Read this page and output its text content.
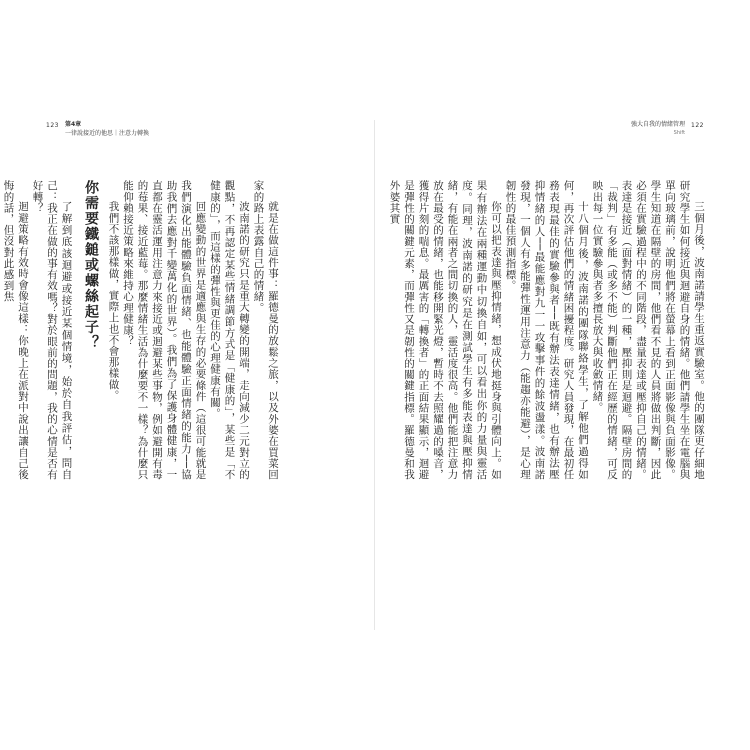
123 第4章
一律說接近的他思｜注意力轉換

就是在做這件事：羅德曼的放鬆之旅，以及外婆在買菜回家的路上表露自己的情緒。

波南諾的研究只是重大轉變的開端，走向減少二元對立的觀點，不再認定某些情緒調節方式是「健康的」，某些是「不健康的」，而這樣的彈性與更佳的心理健康有關。

回應變動的世界是適應與生存的必要條件（這很可能就是我們演化出能體驗負面情緒、也能體驗正面情緒的能力──協助我們去應對千變萬化的世界）。我們為了保護身體健康，一直都在靈活運用注意力來接近或迴避某些事物，例如避開有毒的莓果、接近藍莓。那麼情緒生活為什麼要不一樣？為什麼只能仰賴接近策略來維持心理健康？

我們不該那樣做，實際上也不會那樣做。

你需要鐵鎚或螺絲起子？

了解到底該迴避或接近某個情境，始於自我評估，問自己：我正在做的事有效嗎？對於眼前的問題，我的心情是否有好轉？

迴避策略有效時會像這樣：你晚上在派對中說出讓自己後悔的話，但沒對此感到焦

強大自我的情緒管理
Shift
122

三個月後，波南諾請學生重返實驗室。他的團隊更仔細地研究學生如何接近與迴避自身的情緒。他們請學生坐在電腦與單向玻璃前，說明他們將在螢幕上看到正面影像與負面影像。學生知道在隔壁的房間，他們看不見的人員將做出判斷，因此必須在實驗過程中的不同階段，盡量表達或壓抑自己的情緒。表達是接近（面對情緒）的一種，壓抑則是迴避。隔壁房間的「裁判」有多能（或多不能）判斷他們正在經歷的情緒，可反映出每一位實驗參與者多擅長放大與收斂情緒。

十八個月後，波南諾的團隊聯絡學生，了解他們過得如何，再次評估他們的情緒困擾程度。研究人員發現，在最初任務表現最佳的實驗參與者──既有辦法表達情緒，也有辦法壓抑情緒的人──最能應對九一一攻擊事件的餘波盪漾。波南諾發現，一個人有多能彈性運用注意力（能趨亦能避），是心理韌性的最佳預測指標。

你可以把表達與壓抑情緒，想成伏地挺身與引體向上。如果有辦法在兩種運動中切換自如，可以看出你的力量與靈活度。同理，波南諾的研究是在測試學生有多能表達與壓抑情緒，有能在兩者之間切換的人，靈活度很高。他們能把注意力放在最受的情緒，也能移開緊光燈，暫時不去照耀過的嗓音，獲得片刻的喘息。最厲害的「轉換者」的正面結果顯示，迴避是彈性的關鍵元素，而彈性又是韌性的關鍵指標。羅德曼和我外婆其實
